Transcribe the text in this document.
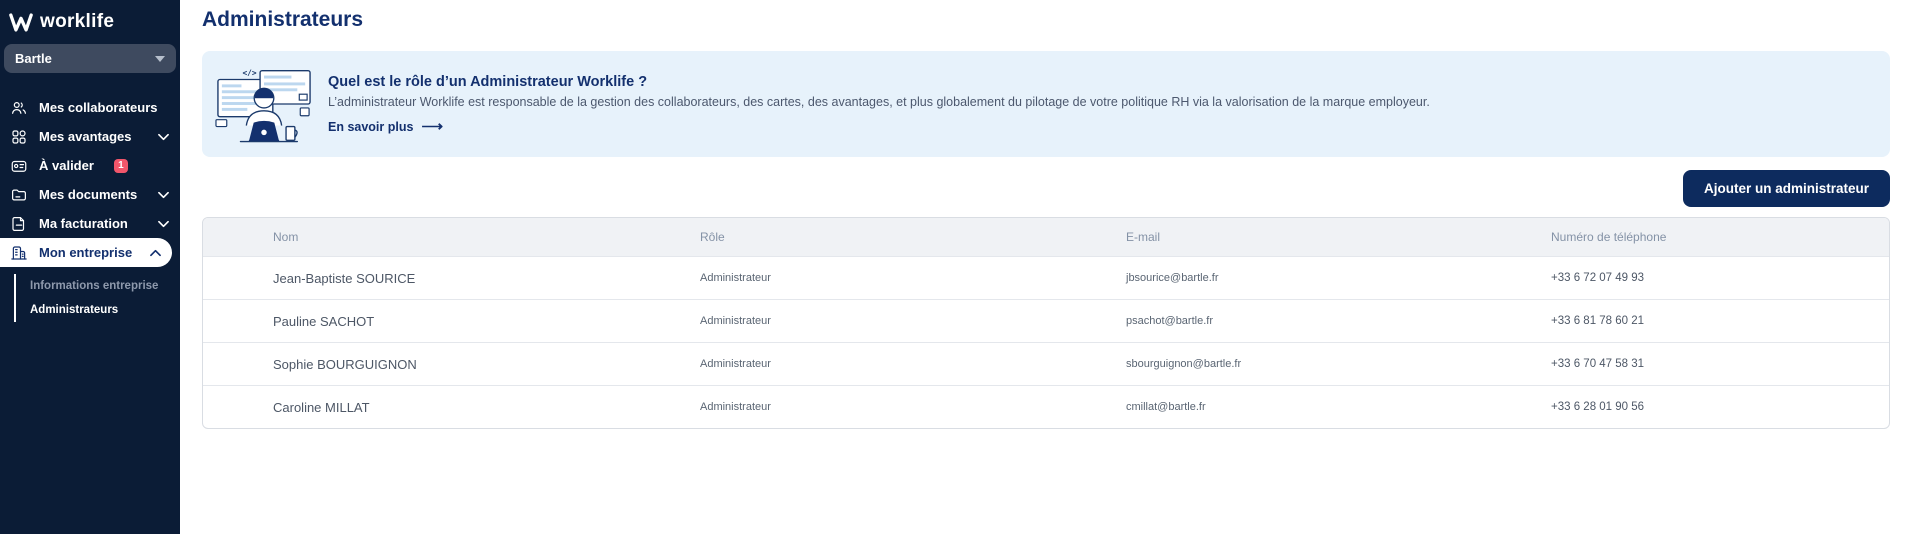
worklife
Bartle
Mes collaborateurs
Mes avantages
À valider	1
Mes documents
Ma facturation
Mon entreprise
Informations entreprise
Administrateurs
Administrateurs
</>
Quel est le rôle d’un Administrateur Worklife ?
L’administrateur Worklife est responsable de la gestion des collaborateurs, des cartes, des avantages, et plus globalement du pilotage de votre politique RH via la valorisation de la marque employeur.
En savoir plus ⟶
Ajouter un administrateur
Nom	Rôle	E-mail	Numéro de téléphone
Jean-Baptiste SOURICE	Administrateur	jbsourice@bartle.fr	+33 6 72 07 49 93
Pauline SACHOT	Administrateur	psachot@bartle.fr	+33 6 81 78 60 21
Sophie BOURGUIGNON	Administrateur	sbourguignon@bartle.fr	+33 6 70 47 58 31
Caroline MILLAT	Administrateur	cmillat@bartle.fr	+33 6 28 01 90 56
